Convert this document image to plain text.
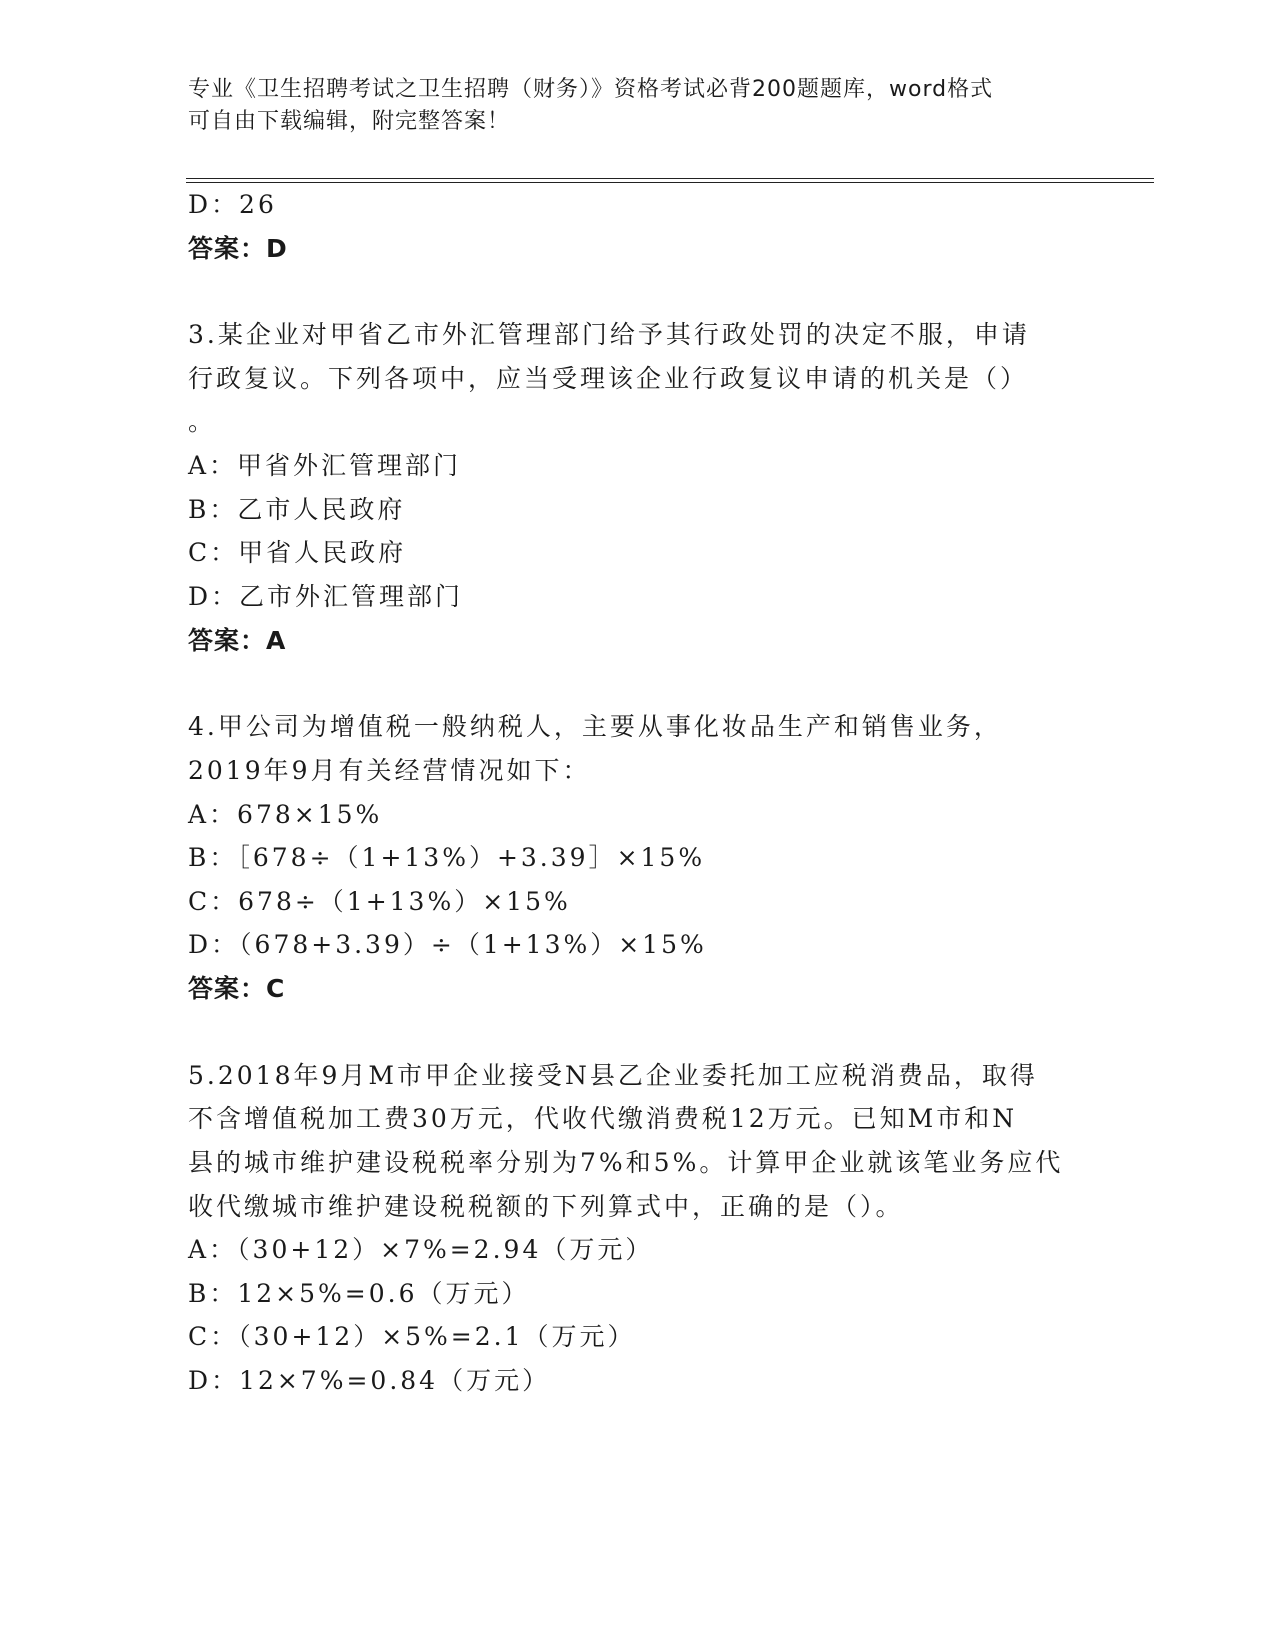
专业《卫生招聘考试之卫生招聘（财务）》资格考试必背200题题库，word格式
可自由下载编辑，附完整答案！
D：26
答案：D
3.某企业对甲省乙市外汇管理部门给予其行政处罚的决定不服，申请
行政复议。下列各项中，应当受理该企业行政复议申请的机关是（）
。
A：甲省外汇管理部门
B：乙市人民政府
C：甲省人民政府
D：乙市外汇管理部门
答案：A
4.甲公司为增值税一般纳税人，主要从事化妆品生产和销售业务，
2019年9月有关经营情况如下：
A：678×15%
B：［678÷（1+13%）+3.39］×15%
C：678÷（1+13%）×15%
D：（678+3.39）÷（1+13%）×15%
答案：C
5.2018年9月M市甲企业接受N县乙企业委托加工应税消费品，取得
不含增值税加工费30万元，代收代缴消费税12万元。已知M市和N
县的城市维护建设税税率分别为7%和5%。计算甲企业就该笔业务应代
收代缴城市维护建设税税额的下列算式中，正确的是（）。
A：（30+12）×7%=2.94（万元）
B：12×5%=0.6（万元）
C：（30+12）×5%=2.1（万元）
D：12×7%=0.84（万元）
